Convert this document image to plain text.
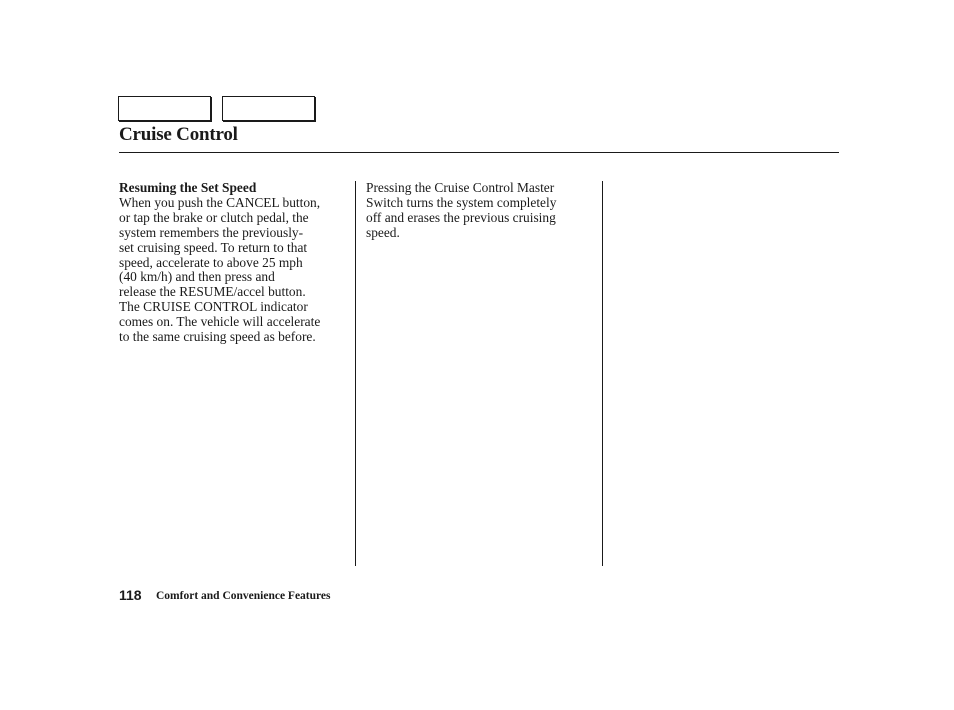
Cruise Control
Resuming the Set Speed
When you push the CANCEL button,
or tap the brake or clutch pedal, the
system remembers the previously-
set cruising speed. To return to that
speed, accelerate to above 25 mph
(40 km/h) and then press and
release the RESUME/accel button.
The CRUISE CONTROL indicator
comes on. The vehicle will accelerate
to the same cruising speed as before.
Pressing the Cruise Control Master
Switch turns the system completely
off and erases the previous cruising
speed.
118 Comfort and Convenience Features
